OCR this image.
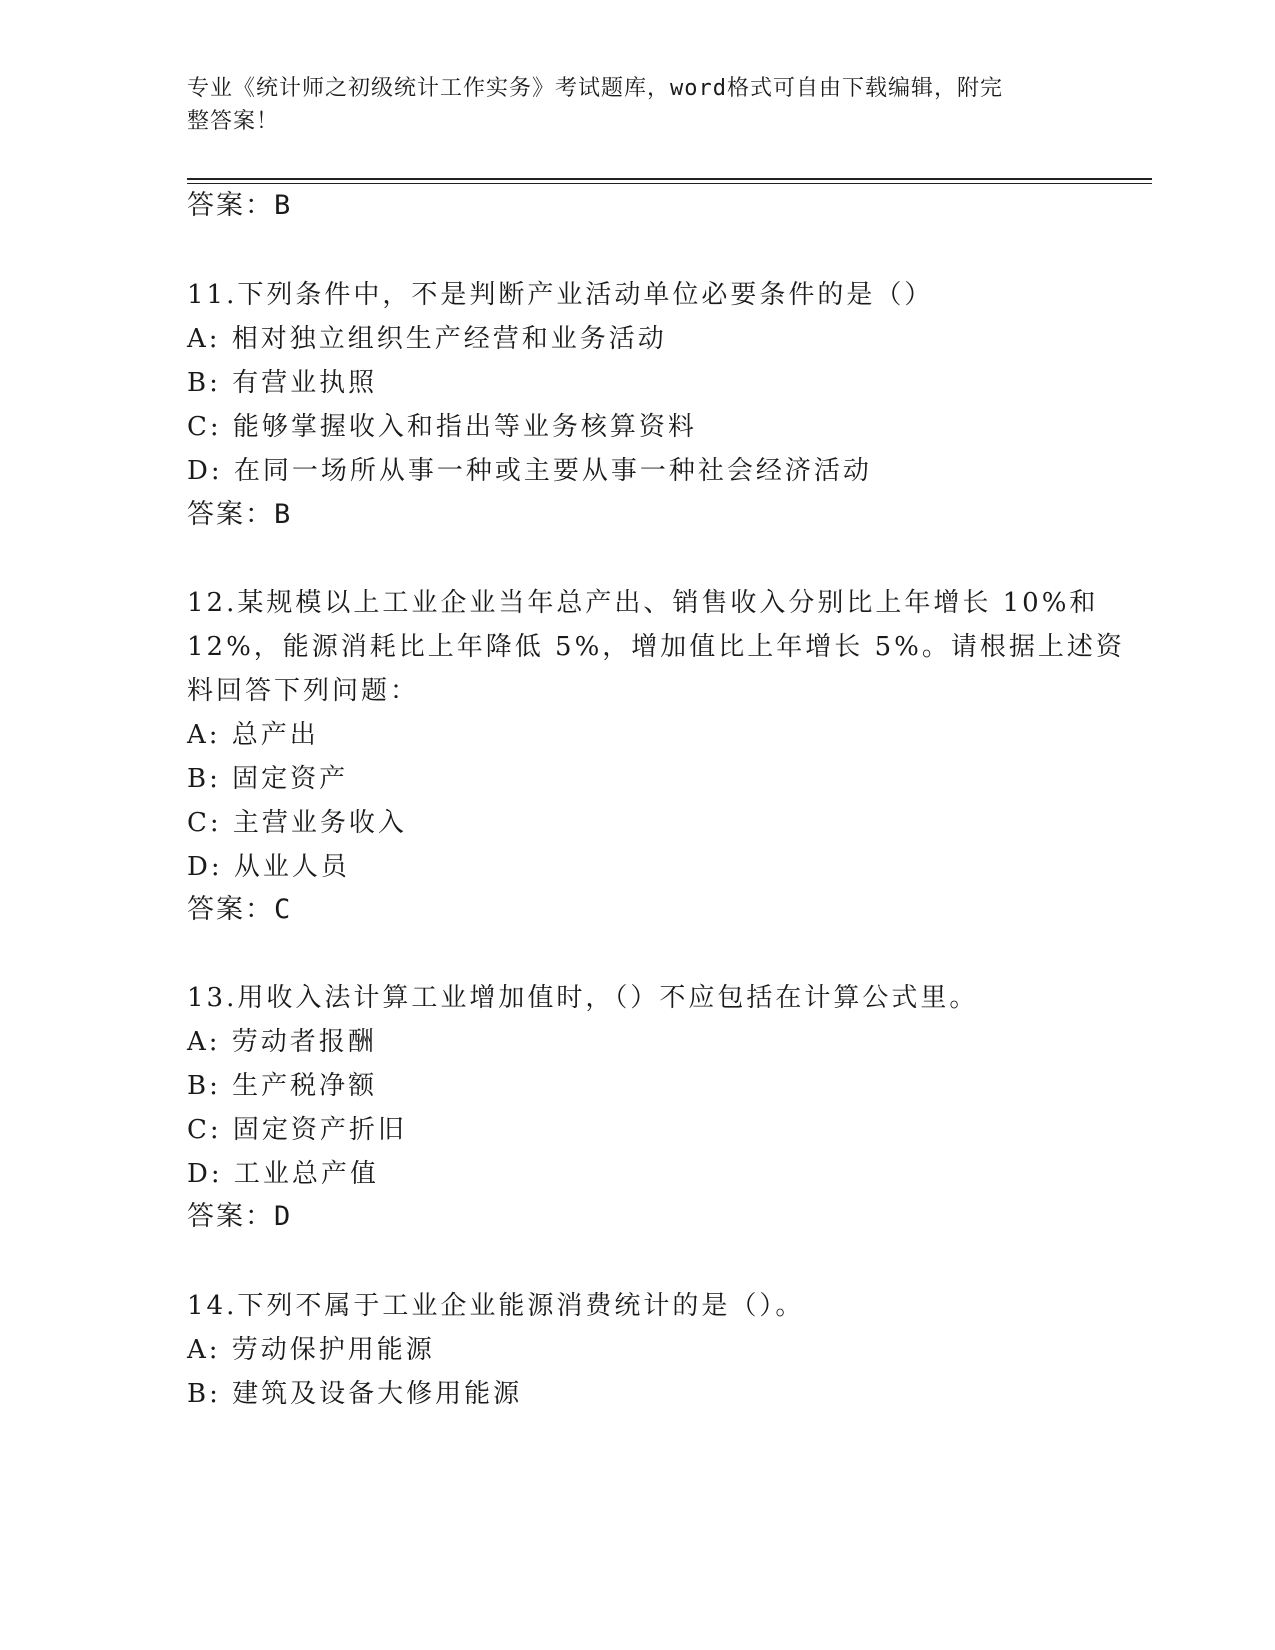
专业《统计师之初级统计工作实务》考试题库，word格式可自由下载编辑，附完
整答案！
答案：B
11.下列条件中，不是判断产业活动单位必要条件的是（）
A: 相对独立组织生产经营和业务活动
B: 有营业执照
C: 能够掌握收入和指出等业务核算资料
D: 在同一场所从事一种或主要从事一种社会经济活动
答案：B
12.某规模以上工业企业当年总产出、销售收入分别比上年增长 10%和
12%，能源消耗比上年降低 5%，增加值比上年增长 5%。请根据上述资
料回答下列问题：
A: 总产出
B: 固定资产
C: 主营业务收入
D: 从业人员
答案：C
13.用收入法计算工业增加值时，（）不应包括在计算公式里。
A: 劳动者报酬
B: 生产税净额
C: 固定资产折旧
D: 工业总产值
答案：D
14.下列不属于工业企业能源消费统计的是（）。
A: 劳动保护用能源
B: 建筑及设备大修用能源
